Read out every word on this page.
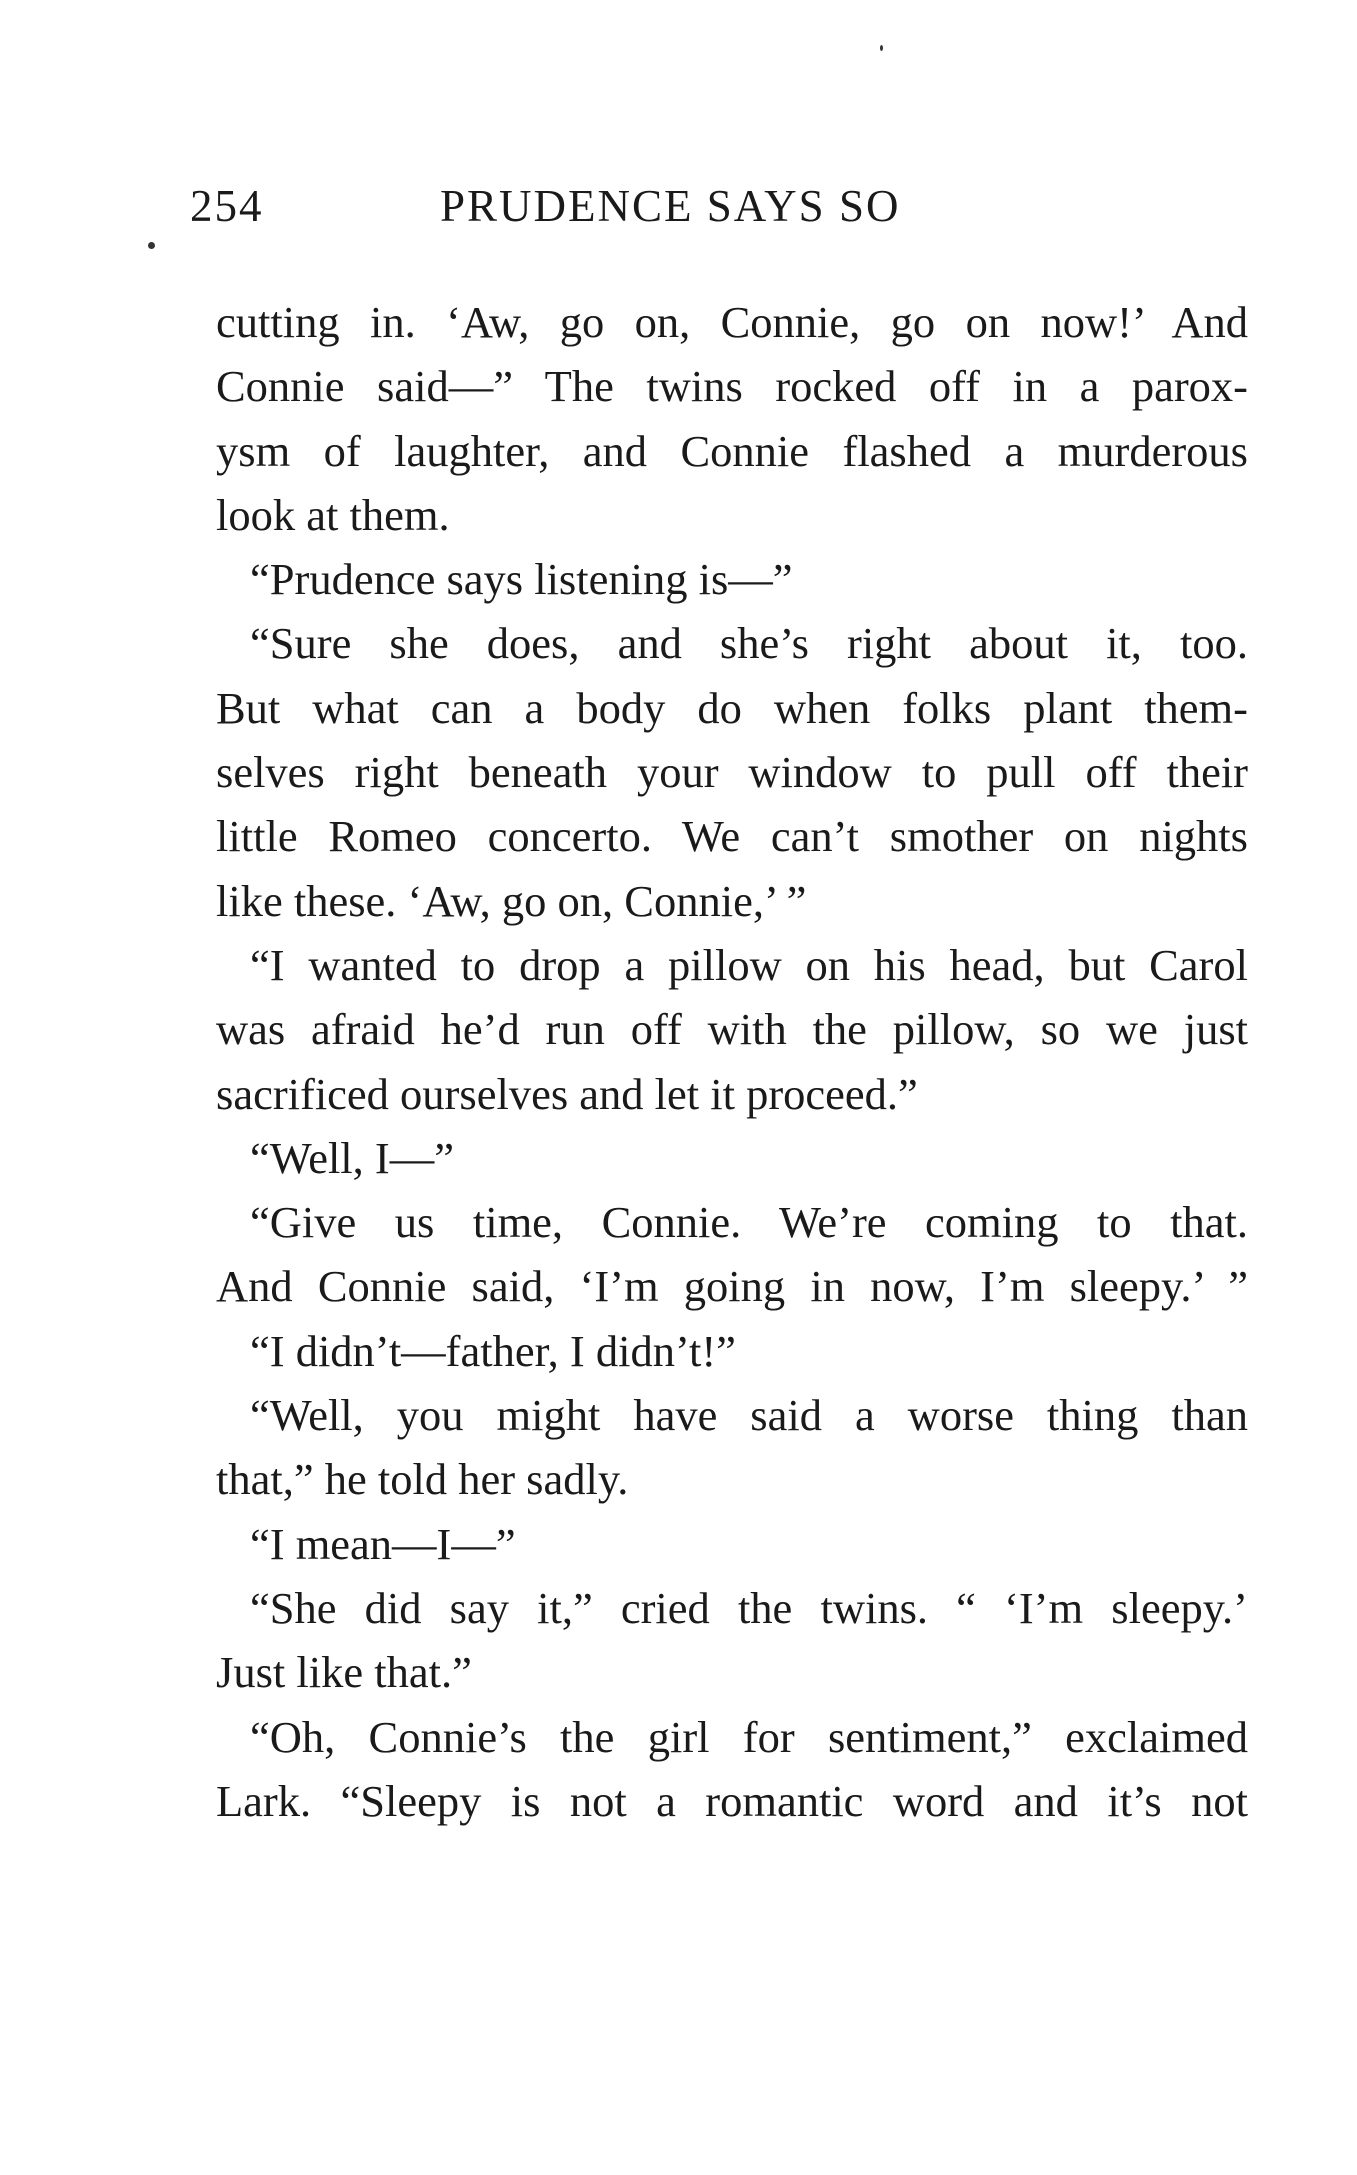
254	PRUDENCE SAYS SO
cutting in. ‘Aw, go on, Connie, go on now!’ And
Connie said—” The twins rocked off in a parox-
ysm of laughter, and Connie flashed a murderous
look at them.
“Prudence says listening is—”
“Sure she does, and she’s right about it, too.
But what can a body do when folks plant them-
selves right beneath your window to pull off their
little Romeo concerto. We can’t smother on nights
like these. ‘Aw, go on, Connie,’ ”
“I wanted to drop a pillow on his head, but Carol
was afraid he’d run off with the pillow, so we just
sacrificed ourselves and let it proceed.”
“Well, I—”
“Give us time, Connie. We’re coming to that.
And Connie said, ‘I’m going in now, I’m sleepy.’ ”
“I didn’t—father, I didn’t!”
“Well, you might have said a worse thing than
that,” he told her sadly.
“I mean—I—”
“She did say it,” cried the twins. “ ‘I’m sleepy.’
Just like that.”
“Oh, Connie’s the girl for sentiment,” exclaimed
Lark. “Sleepy is not a romantic word and it’s not
